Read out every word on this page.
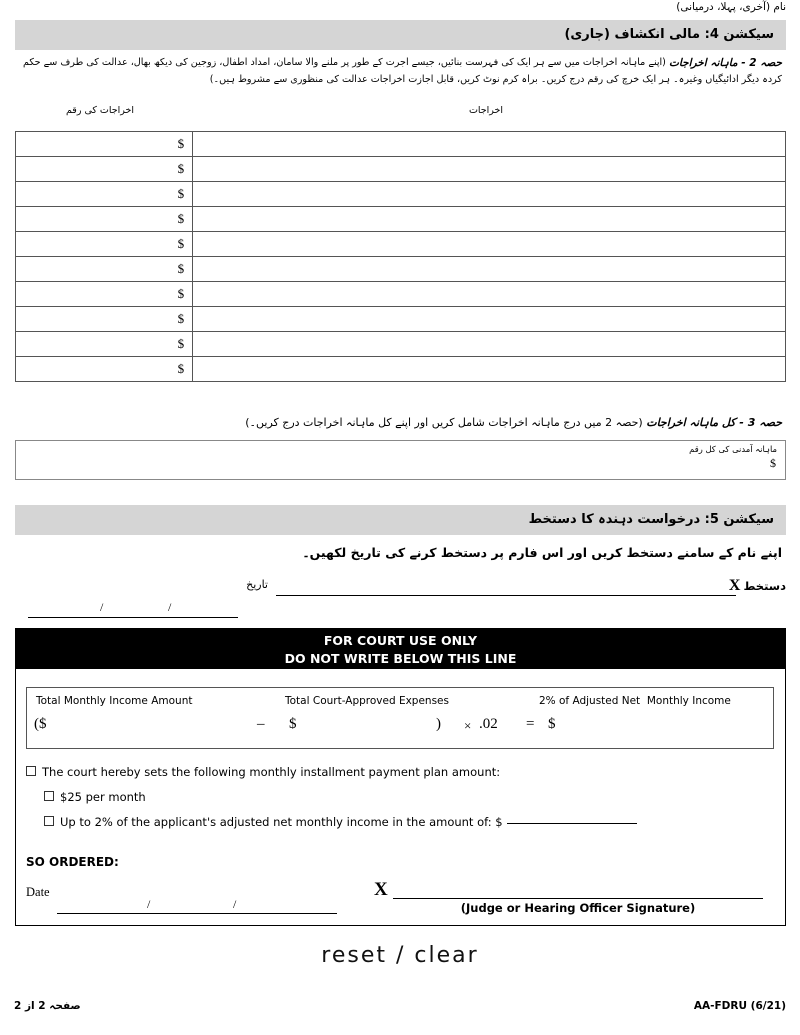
نام (آخری، پہلا، درمیانی)
سیکشن 4: مالی انکشاف (جاری)
حصہ 2 - ماہانہ اخراجات (اپنے ماہانہ اخراجات میں سے ہر ایک کی فہرست بنائیں، جیسے اجرت کے طور پر ملنے والا سامان، امداد اطفال، زوجین کی دیکھ بھال، عدالت کی طرف سے حکم کردہ دیگر ادائیگیاں وغیرہ۔ ہر ایک خرچ کی رقم درج کریں۔ براہ کرم نوٹ کریں، قابل اجازت اخراجات عدالت کی منظوری سے مشروط ہیں۔)
اخراجات کی رقم	اخراجات
$	
$	
$	
$	
$	
$	
$	
$	
$	
$	
حصہ 3 - کل ماہانہ اخراجات (حصہ 2 میں درج ماہانہ اخراجات شامل کریں اور اپنے کل ماہانہ اخراجات درج کریں۔)
ماہانہ آمدنی کی کل رقم
$
سیکشن 5: درخواست دہندہ کا دستخط
اپنے نام کے سامنے دستخط کریں اور اس فارم پر دستخط کرنے کی تاریخ لکھیں۔
دستخطX
تاریخ
/	/
FOR COURT USE ONLY
DO NOT WRITE BELOW THIS LINE
Total Monthly Income Amount	Total Court-Approved Expenses	2% of Adjusted Net  Monthly Income
($	– $	) × .02 = $
The court hereby sets the following monthly installment payment plan amount:
$25 per month
Up to 2% of the applicant's adjusted net monthly income in the amount of: $
SO ORDERED:
Date
/	/
X
(Judge or Hearing Officer Signature)
reset / clear
صفحہ 2 از 2	AA-FDRU (6/21)
